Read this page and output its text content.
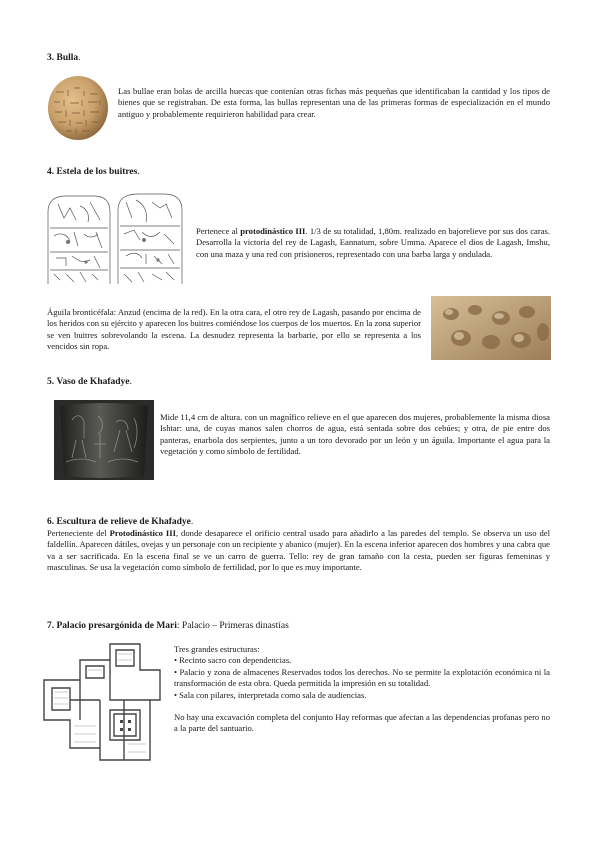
3. Bulla.
Las bullae eran bolas de arcilla huecas que contenían otras fichas más pequeñas que identificaban la cantidad y los tipos de bienes que se registraban. De esta forma, las bullas representan una de las primeras formas de especialización en el mundo antiguo y probablemente requirieron habilidad para crear.
4. Estela de los buitres.
Pertenece al protodinástico III. 1/3 de su totalidad, 1,80m. realizado en bajorelieve por sus dos caras. Desarrolla la victoria del rey de Lagash, Eannatum, sobre Umma. Aparece el dios de Lagash, Imshu, con una maza y una red con prisioneros, representado con una barba larga y ondulada.
Águila bronticéfala: Anzud (encima de la red). En la otra cara, el otro rey de Lagash, pasando por encima de los heridos con su ejército y aparecen los buitres comiéndose los cuerpos de los muertos. En la zona superior se ven buitres sobrevolando la escena. La desnudez representa la barbarie, por ello se representa a los vencidos sin ropa.
5. Vaso de Khafadye.
Mide 11,4 cm de altura. con un magnífico relieve en el que aparecen dos mujeres, probablemente la misma diosa Ishtar: una, de cuyas manos salen chorros de agua, está sentada sobre dos cebúes; y otra, de pie entre dos panteras, enarbola dos serpientes, junto a un toro devorado por un león y un águila. Importante el agua para la vegetación y como símbolo de fertilidad.
6. Escultura de relieve de Khafadye.
Perteneciente del Protodinástico III, donde desaparece el orificio central usado para añadirlo a las paredes del templo. Se observa un uso del faldellín. Aparecen dátiles, ovejas y un personaje con un recipiente y abanico (mujer). En la escena inferior aparecen dos hombres y una cabra que va a ser sacrificada. En la escena final se ve un carro de guerra. Tello: rey de gran tamaño con la cesta, pueden ser figuras femeninas y masculinas. Se usa la vegetación como símbolo de fertilidad, por lo que es muy importante.
7. Palacio presargónida de Mari: Palacio – Primeras dinastías
Tres grandes estructuras:
• Recinto sacro con dependencias.
• Palacio y zona de almacenes Reservados todos los derechos. No se permite la explotación económica ni la transformación de esta obra. Queda permitida la impresión en su totalidad.
• Sala con pilares, interpretada como sala de audiencias.
No hay una excavación completa del conjunto Hay reformas que afectan a las dependencias profanas pero no a la parte del santuario.
